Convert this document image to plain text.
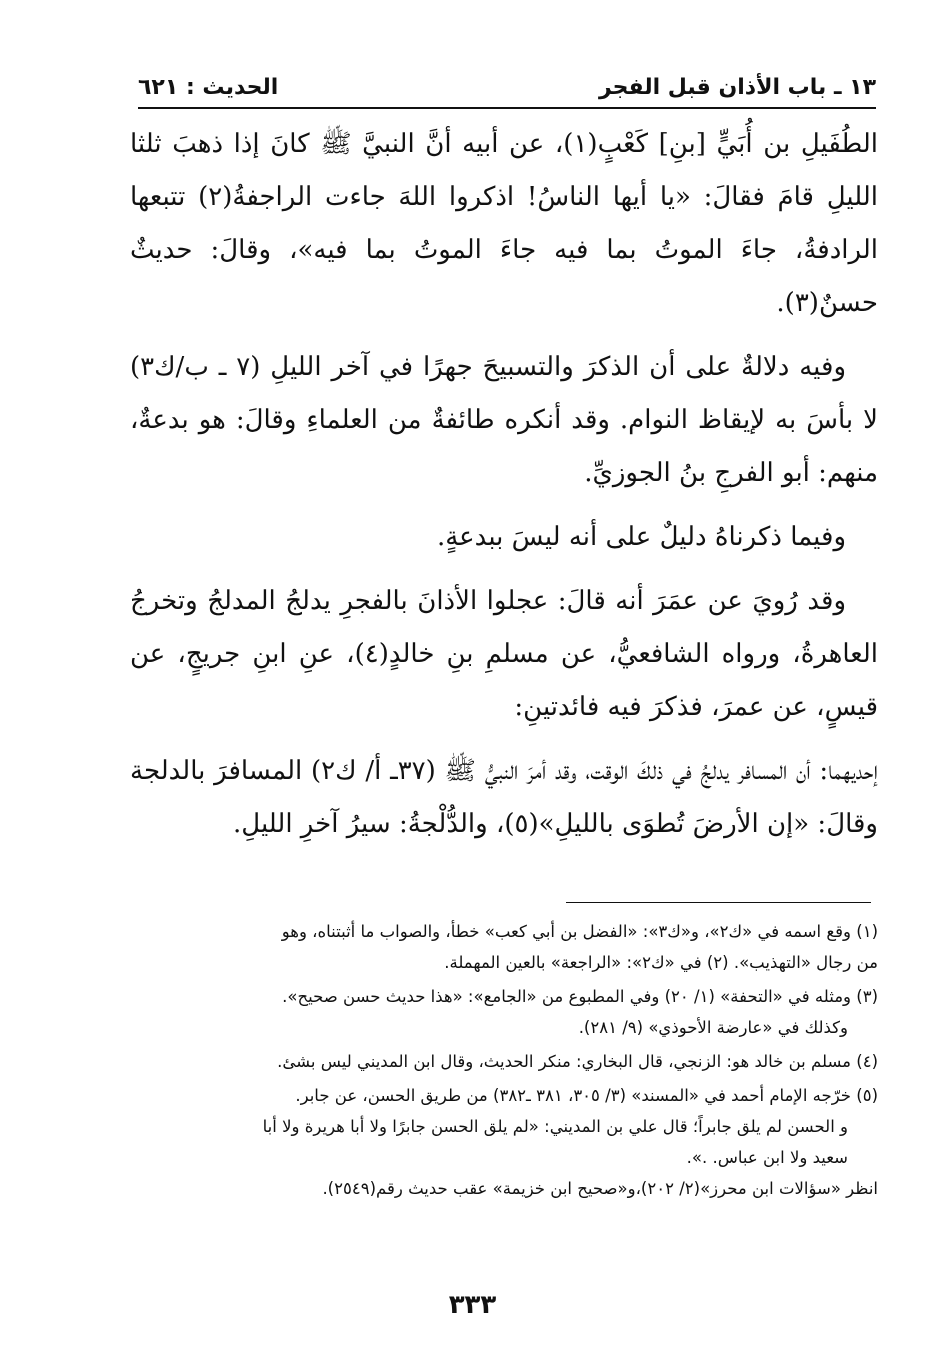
١٣ ـ باب الأذان قبل الفجر
الحديث : ٦٢١

الطُفَيلِ بن أُبَيٍّ [بنِ] كَعْبٍ(١)، عن أبيه أنَّ النبيَّ ﷺ كانَ إذا ذهبَ ثلثا الليلِ قامَ فقالَ: «يا أيها الناسُ! اذكروا اللهَ جاءت الراجفةُ(٢) تتبعها الرادفةُ، جاءَ الموتُ بما فيه جاءَ الموتُ بما فيه»، وقالَ: حديثٌ حسنٌ(٣).

وفيه دلالةٌ على أن الذكرَ والتسبيحَ جهرًا في آخر الليلِ (٧ ـ ب/ك٣) لا بأسَ به لإيقاظ النوام. وقد أنكره طائفةٌ من العلماءِ وقالَ: هو بدعةٌ، منهم: أبو الفرجِ بنُ الجوزيِّ.

وفيما ذكرناهُ دليلٌ على أنه ليسَ ببدعةٍ.

وقد رُويَ عن عمَرَ أنه قالَ: عجلوا الأذانَ بالفجرِ يدلجُ المدلجُ وتخرجُ العاهرةُ، ورواه الشافعيُّ، عن مسلمِ بنِ خالدٍ(٤)، عنِ ابنِ جريجٍ، عن قيسٍ، عن عمرَ، فذكرَ فيه فائدتينِ:

إحديهما: أن المسافر يدلجُ في ذلكَ الوقت، وقد أمرَ النبيُّ ﷺ (٣٧ـ أ/ ك٢) المسافرَ بالدلجة وقالَ: «إن الأرضَ تُطوَى بالليلِ»(٥)، والدُّلْجةُ: سيرُ آخرِ الليلِ.

(١) وقع اسمه في «ك٢»، و«ك٣»: «الفضل بن أبي كعب» خطأ، والصواب ما أثبتناه، وهو
من رجال «التهذيب». (٢) في «ك٢»: «الراجعة» بالعين المهملة.
(٣) ومثله في «التحفة» (١/ ٢٠) وفي المطبوع من «الجامع»: «هذا حديث حسن صحيح».
وكذلك في «عارضة الأحوذي» (٩/ ٢٨١).
(٤) مسلم بن خالد هو: الزنجي، قال البخاري: منكر الحديث، وقال ابن المديني ليس بشئ.
(٥) خرّجه الإمام أحمد في «المسند» (٣/ ٣٠٥، ٣٨١ ـ٣٨٢) من طريق الحسن، عن جابر.
و الحسن لم يلق جابراً؛ قال علي بن المديني: «لم يلق الحسن جابرًا ولا أبا هريرة ولا أبا
سعيد ولا ابن عباس. .».
انظر «سؤالات ابن محرز»(٢/ ٢٠٢)،و«صحيح ابن خزيمة» عقب حديث رقم(٢٥٤٩).
٣٣٣
